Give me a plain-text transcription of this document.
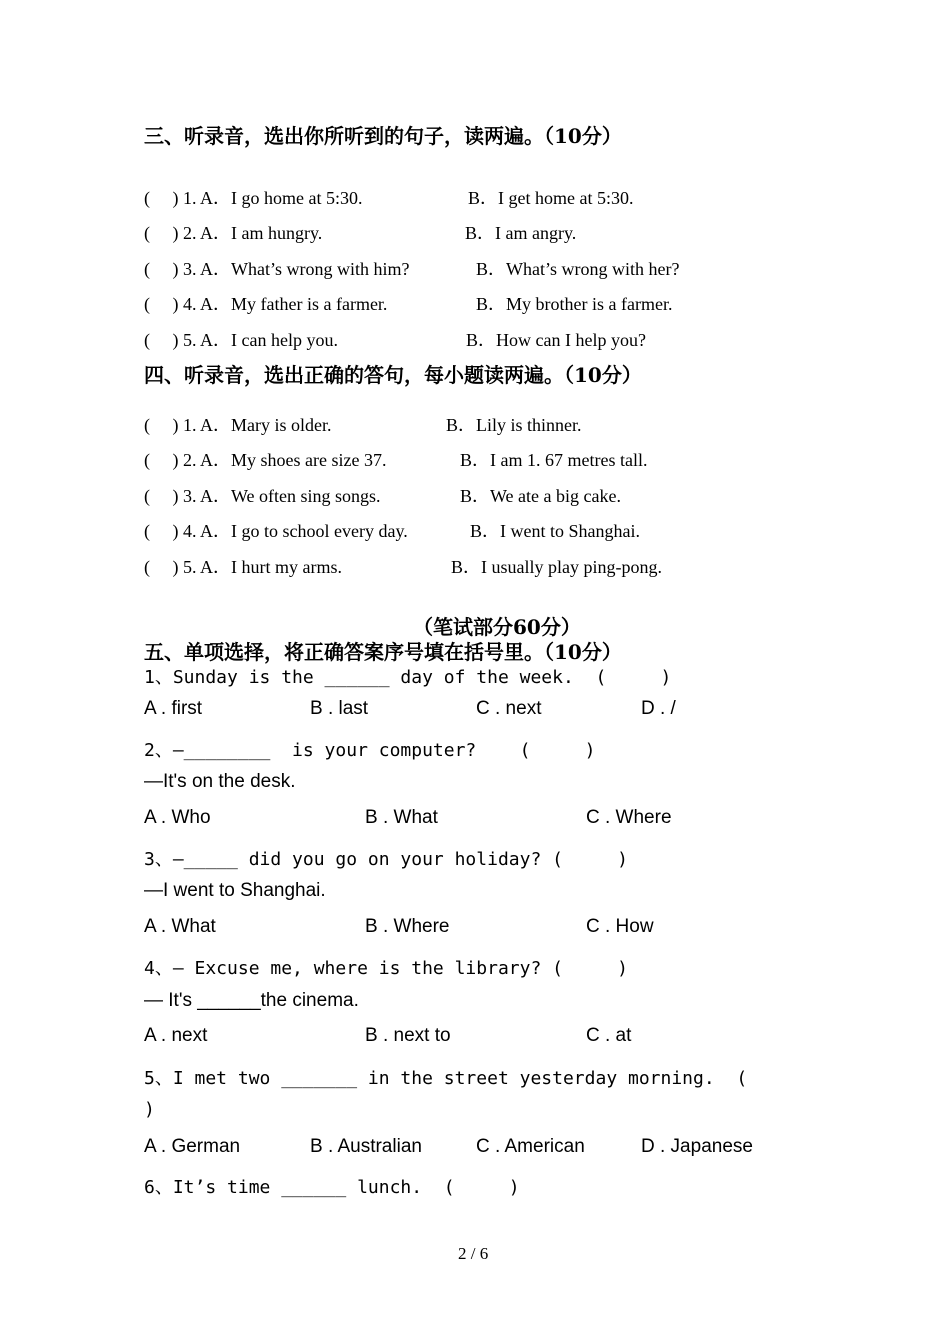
三、听录音，选出你所听到的句子，读两遍。（10分）
(     ) 1. A．I go home at 5:30.	B．I get home at 5:30.
(     ) 2. A．I am hungry.	B．I am angry.
(     ) 3. A．What’s wrong with him?	B．What’s wrong with her?
(     ) 4. A．My father is a farmer.	B．My brother is a farmer.
(     ) 5. A．I can help you.	B．How can I help you?
四、听录音，选出正确的答句，每小题读两遍。（10分）
(     ) 1. A．Mary is older.	B．Lily is thinner.
(     ) 2. A．My shoes are size 37.	B．I am 1. 67 metres tall.
(     ) 3. A．We often sing songs.	B．We ate a big cake.
(     ) 4. A．I go to school every day.	B．I went to Shanghai.
(     ) 5. A．I hurt my arms.	B．I usually play ping-pong.
（笔试部分60分）
五、单项选择，将正确答案序号填在括号里。（10分）
1、Sunday is the ______ day of the week.  (     )
A . first	B . last	C . next	D . /
2、—________  is your computer?    (     )
—It's on the desk.
A . Who	B . What	C . Where
3、—_____ did you go on your holiday? (     )
—I went to Shanghai.
A . What	B . Where	C . How
4、— Excuse me, where is the library? (     )
— It's ______the cinema.
A . next	B . next to	C . at
5、I met two _______ in the street yesterday morning.  (
)
A . German	B . Australian	C . American	D . Japanese
6、It’s time ______ lunch.  (     )
2 / 6
